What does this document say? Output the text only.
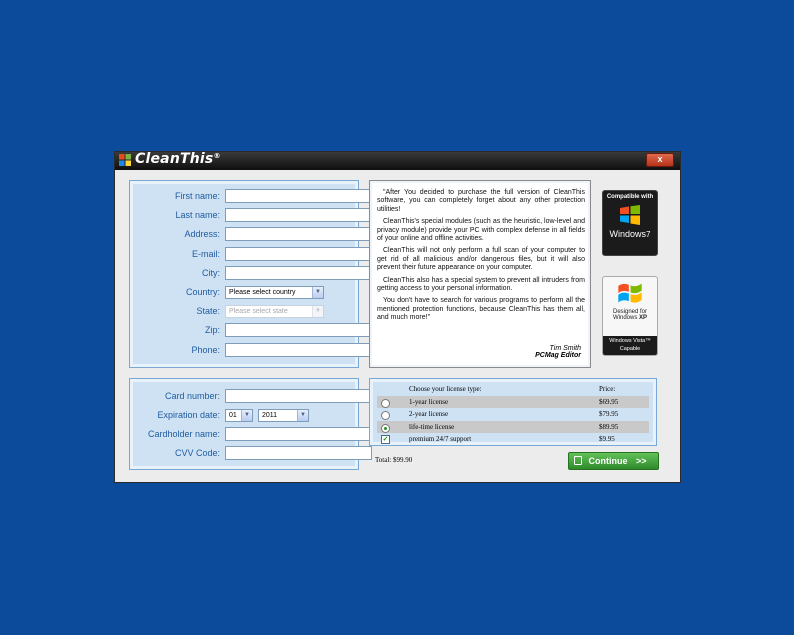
CleanThis®	x
First name:
Last name:
Address:
E-mail:
City:
Country:	Please select country	▼
State:	Please select state	▼
Zip:
Phone:
Card number:
Expiration date:	01	▼	2011	▼
Cardholder name:
CVV Code:

"After You decided to purchase the full version of CleanThis software, you can completely forget about any other protection utilities!

CleanThis's special modules (such as the heuristic, low-level and privacy module) provide your PC with complex defense in all fields of your online and offline activities.

CleanThis will not only perform a full scan of your computer to get rid of all malicious and/or dangerous files, but it will also prevent their future appearance on your computer.

CleanThis also has a special system to prevent all intruders from getting access to your personal information.

You don't have to search for various programs to perform all the mentioned protection functions, because CleanThis has them all, and much more!"

Tim Smith
PCMag Editor
Compatible with
Windows7
Designed for
Windows XP
Windows Vista™
Capable
Choose your license type:	Price:
1-year license	$69.95
2-year license	$79.95
life-time license	$89.95
✓	premium 24/7 support	$9.95
Total: $99.90	Continue >>
